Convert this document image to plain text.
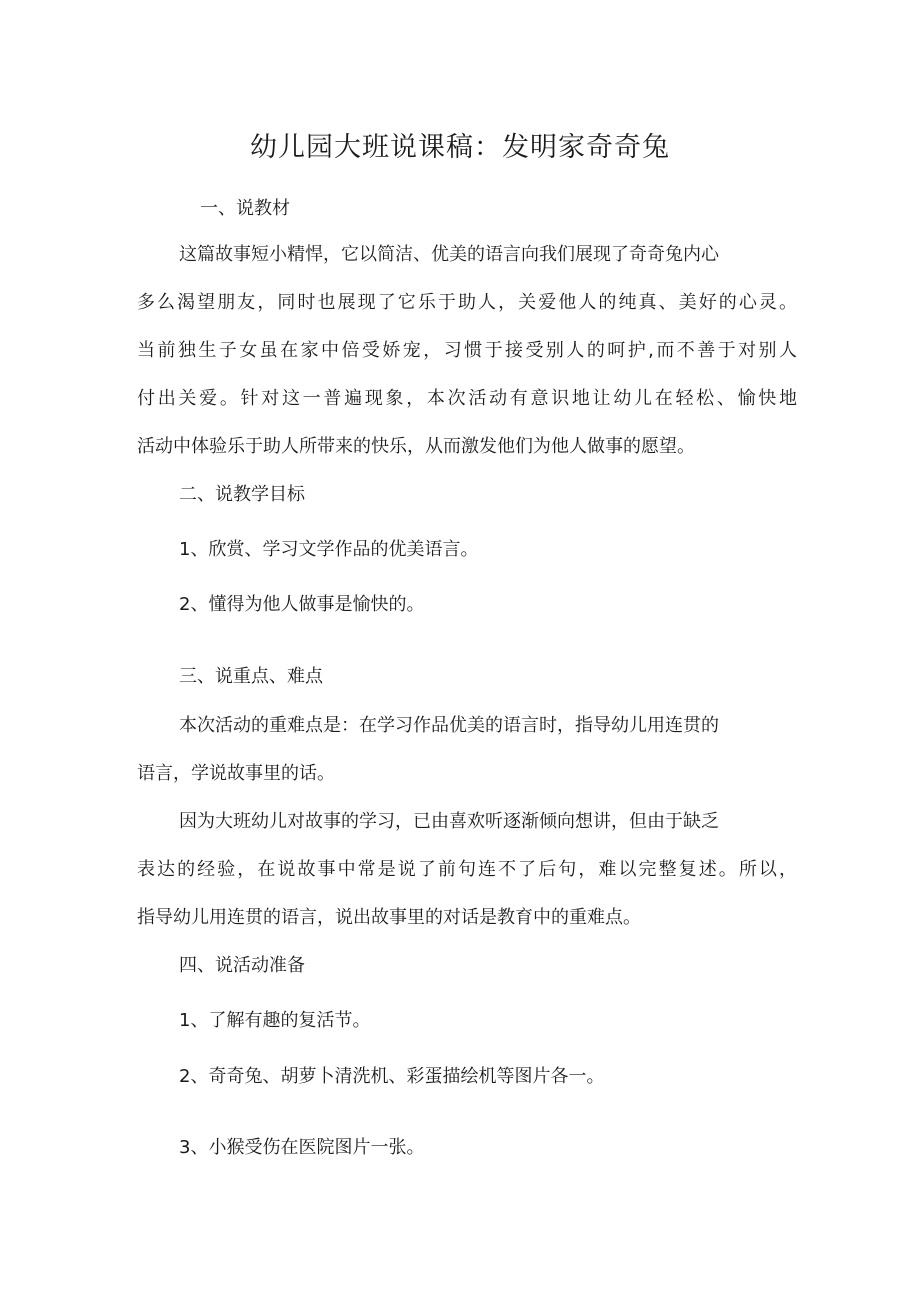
幼儿园大班说课稿：发明家奇奇兔

一、说教材

这篇故事短小精悍，它以简洁、优美的语言向我们展现了奇奇兔内心

多么渴望朋友，同时也展现了它乐于助人，关爱他人的纯真、美好的心灵。

当前独生子女虽在家中倍受娇宠，习惯于接受别人的呵护,而不善于对别人

付出关爱。针对这一普遍现象，本次活动有意识地让幼儿在轻松、愉快地

活动中体验乐于助人所带来的快乐，从而激发他们为他人做事的愿望。

二、说教学目标

1、欣赏、学习文学作品的优美语言。

2、懂得为他人做事是愉快的。

三、说重点、难点

本次活动的重难点是：在学习作品优美的语言时，指导幼儿用连贯的

语言，学说故事里的话。

因为大班幼儿对故事的学习，已由喜欢听逐渐倾向想讲，但由于缺乏

表达的经验，在说故事中常是说了前句连不了后句，难以完整复述。所以，

指导幼儿用连贯的语言，说出故事里的对话是教育中的重难点。

四、说活动准备

1、了解有趣的复活节。

2、奇奇兔、胡萝卜清洗机、彩蛋描绘机等图片各一。

3、小猴受伤在医院图片一张。
